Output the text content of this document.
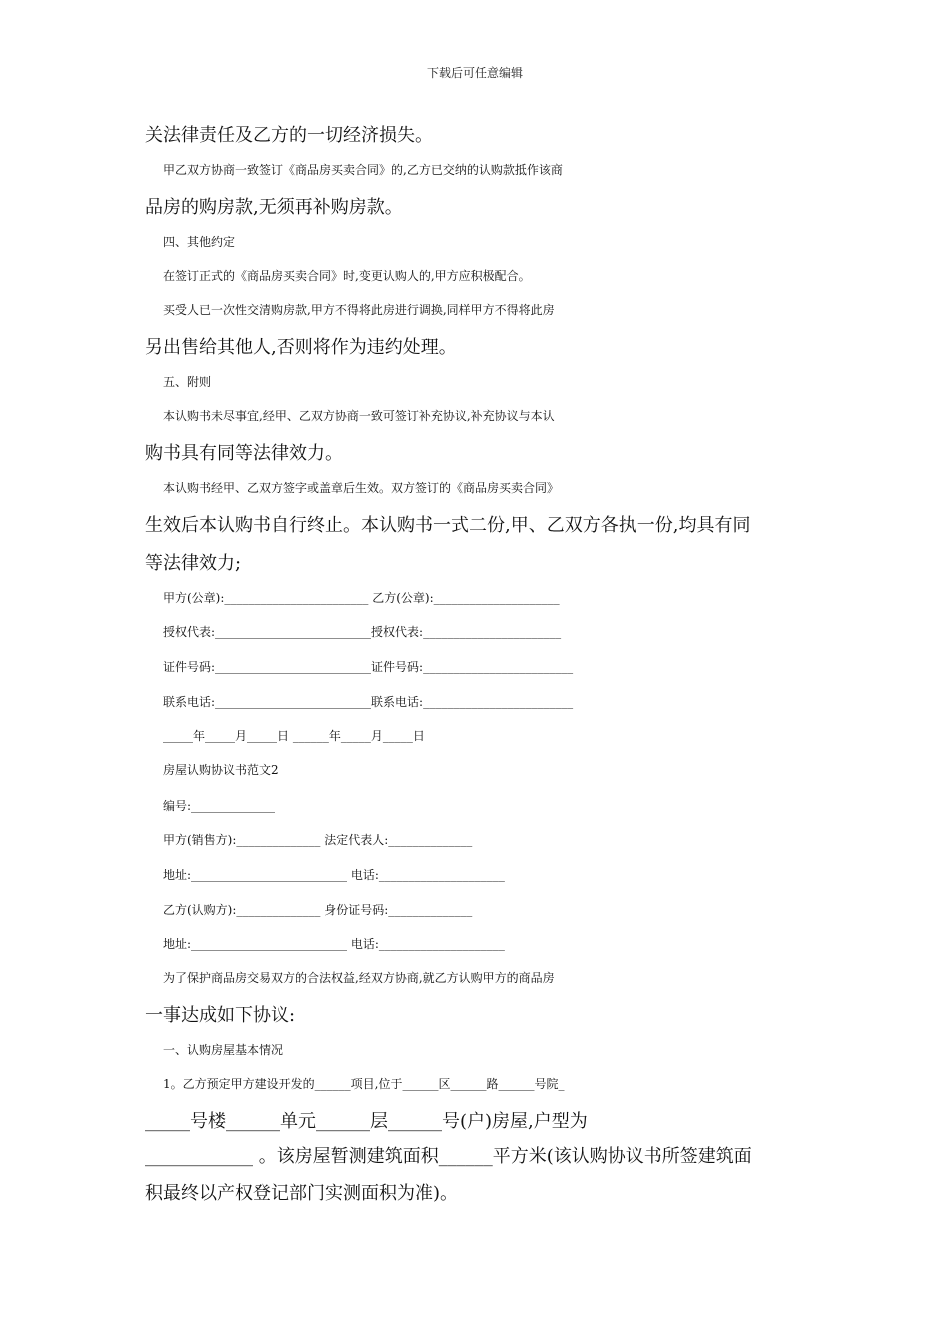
下载后可任意编辑
关法律责任及乙方的一切经济损失。
甲乙双方协商一致签订《商品房买卖合同》的,乙方已交纳的认购款抵作该商
品房的购房款,无须再补购房款。
四、其他约定
在签订正式的《商品房买卖合同》时,变更认购人的,甲方应积极配合。
买受人已一次性交清购房款,甲方不得将此房进行调换,同样甲方不得将此房
另出售给其他人,否则将作为违约处理。
五、附则
本认购书未尽事宜,经甲、乙双方协商一致可签订补充协议,补充协议与本认
购书具有同等法律效力。
本认购书经甲、乙双方签字或盖章后生效。双方签订的《商品房买卖合同》
生效后本认购书自行终止。本认购书一式二份,甲、乙双方各执一份,均具有同
等法律效力;
甲方(公章):________________________ 乙方(公章):_____________________
授权代表:__________________________授权代表:_______________________
证件号码:__________________________证件号码:_________________________
联系电话:__________________________联系电话:_________________________
_____年_____月_____日 ______年_____月_____日
房屋认购协议书范文2
编号:______________
甲方(销售方):______________ 法定代表人:______________
地址:__________________________ 电话:_____________________
乙方(认购方):______________ 身份证号码:______________
地址:__________________________ 电话:_____________________
为了保护商品房交易双方的合法权益,经双方协商,就乙方认购甲方的商品房
一事达成如下协议:
一、认购房屋基本情况
1。乙方预定甲方建设开发的______项目,位于______区______路______号院_
_____号楼______单元______层______号(户)房屋,户型为
____________ 。该房屋暂测建筑面积______平方米(该认购协议书所签建筑面
积最终以产权登记部门实测面积为准)。
